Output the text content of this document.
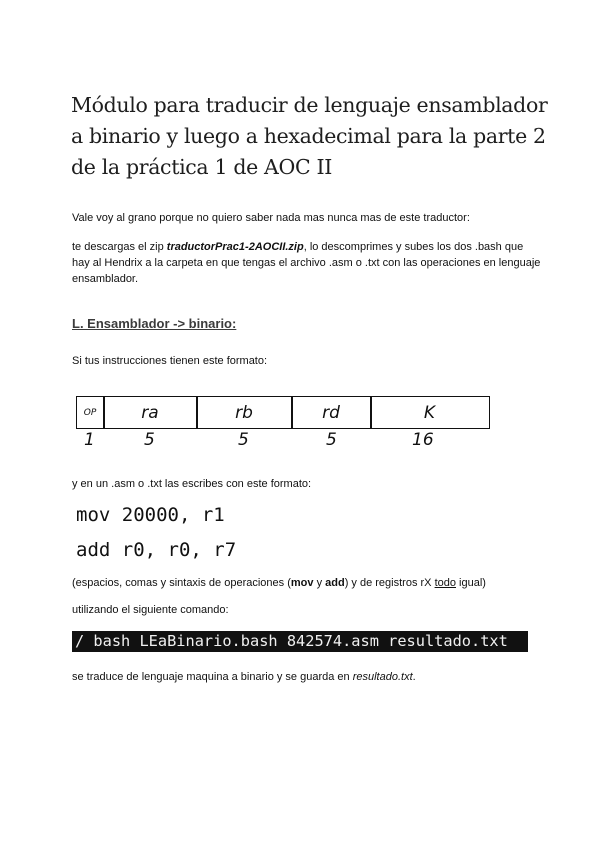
Módulo para traducir de lenguaje ensamblador a binario y luego a hexadecimal para la parte 2 de la práctica 1 de AOC II

Vale voy al grano porque no quiero saber nada mas nunca mas de este traductor:

te descargas el zip traductorPrac1-2AOCII.zip, lo descomprimes y subes los dos .bash que hay al Hendrix a la carpeta en que tengas el archivo .asm o .txt con las operaciones en lenguaje ensamblador.

L. Ensamblador -> binario:

Si tus instrucciones tienen este formato:

OP	ra	rb	rd	K
1	5	5	5	16

y en un .asm o .txt las escribes con este formato:

mov 20000, r1
add r0, r0, r7

(espacios, comas y sintaxis de operaciones (mov y add) y de registros rX todo igual)

utilizando el siguiente comando:

/ bash LEaBinario.bash 842574.asm resultado.txt

se traduce de lenguaje maquina a binario y se guarda en resultado.txt.
